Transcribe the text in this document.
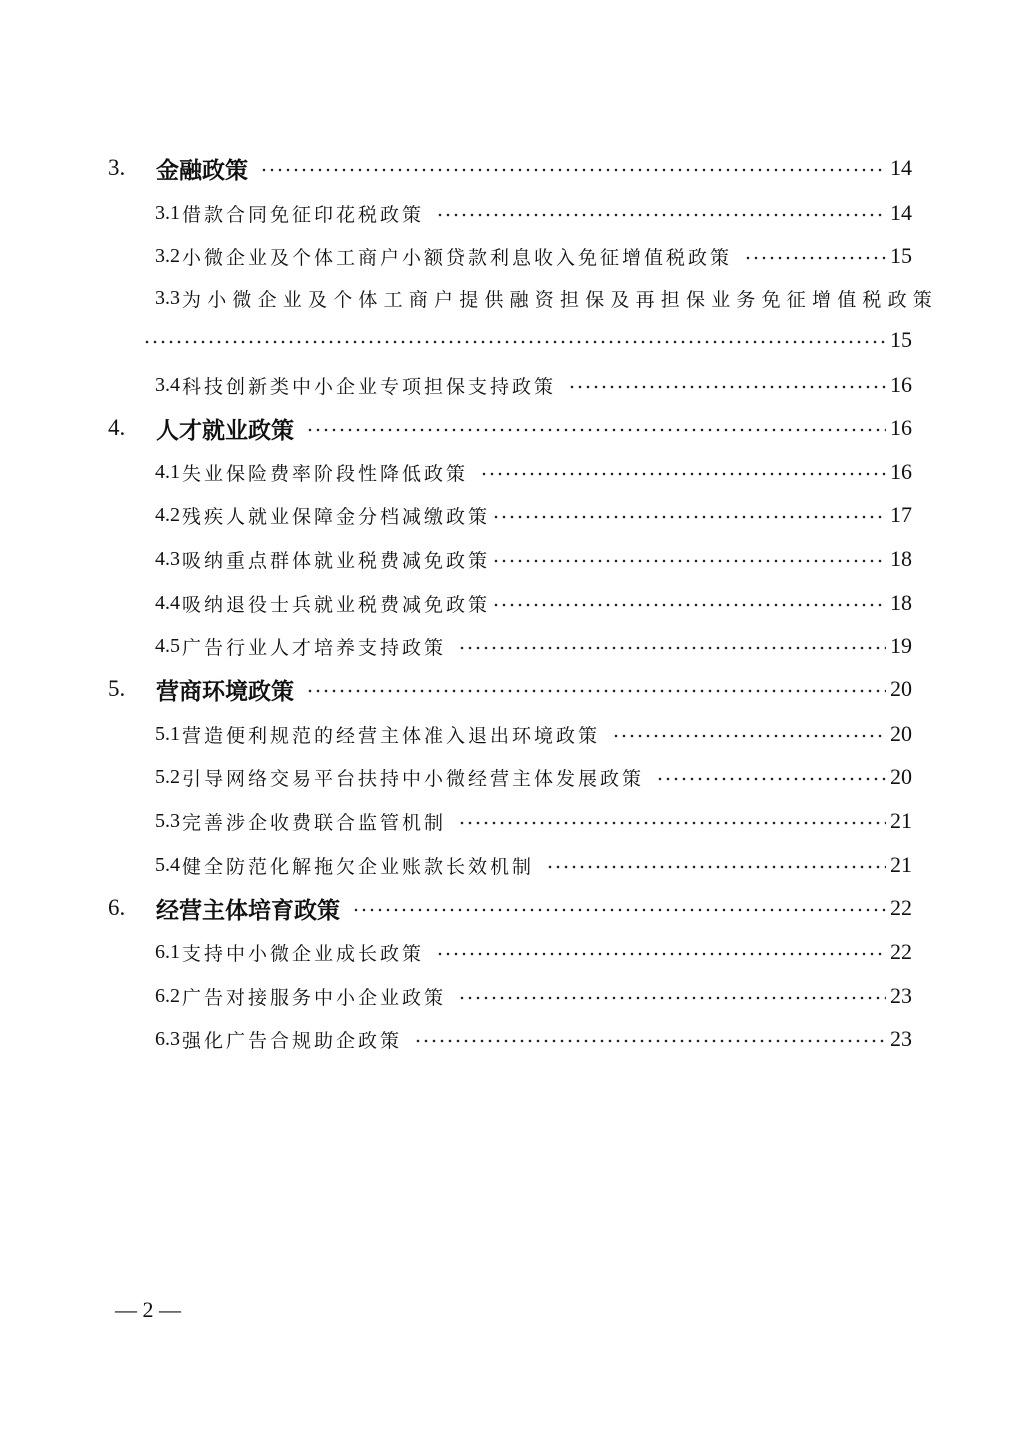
3.	金融政策	14
3.1 借款合同免征印花税政策	14
3.2 小微企业及个体工商户小额贷款利息收入免征增值税政策	15
3.3 为小微企业及个体工商户提供融资担保及再担保业务免征增值税政策
15
3.4 科技创新类中小企业专项担保支持政策	16
4.	人才就业政策	16
4.1 失业保险费率阶段性降低政策	16
4.2 残疾人就业保障金分档减缴政策	17
4.3 吸纳重点群体就业税费减免政策	18
4.4 吸纳退役士兵就业税费减免政策	18
4.5 广告行业人才培养支持政策	19
5.	营商环境政策	20
5.1 营造便利规范的经营主体准入退出环境政策	20
5.2 引导网络交易平台扶持中小微经营主体发展政策	20
5.3 完善涉企收费联合监管机制	21
5.4 健全防范化解拖欠企业账款长效机制	21
6.	经营主体培育政策	22
6.1 支持中小微企业成长政策	22
6.2 广告对接服务中小企业政策	23
6.3 强化广告合规助企政策	23
— 2 —
